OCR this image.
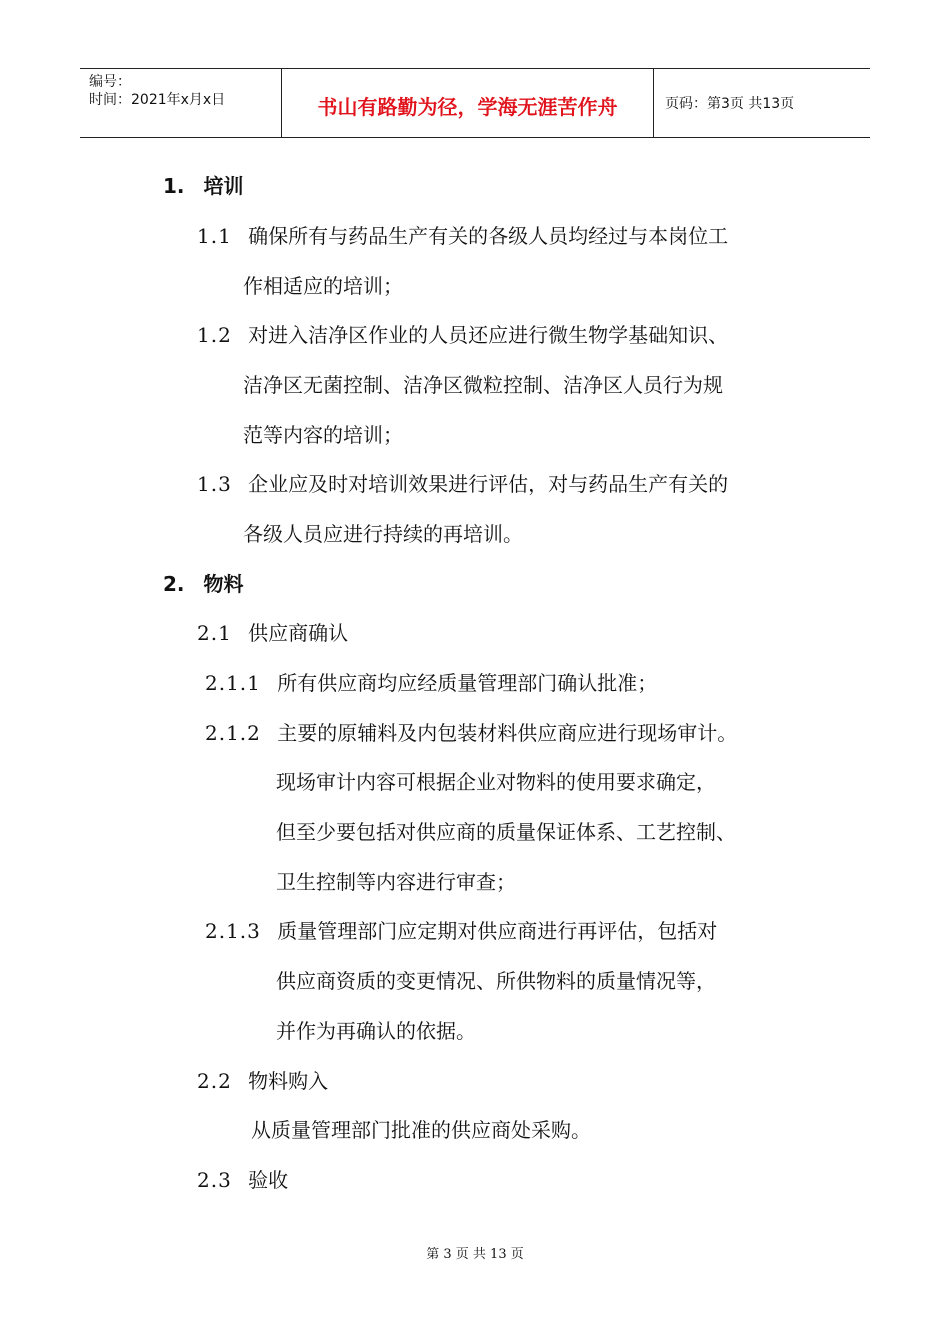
编号：
时间：2021年x月x日	书山有路勤为径，学海无涯苦作舟	页码：第3页 共13页
1. 培训
1.1 确保所有与药品生产有关的各级人员均经过与本岗位工
作相适应的培训；
1.2 对进入洁净区作业的人员还应进行微生物学基础知识、
洁净区无菌控制、洁净区微粒控制、洁净区人员行为规
范等内容的培训；
1.3 企业应及时对培训效果进行评估，对与药品生产有关的
各级人员应进行持续的再培训。
2. 物料
2.1 供应商确认
2.1.1 所有供应商均应经质量管理部门确认批准；
2.1.2 主要的原辅料及内包装材料供应商应进行现场审计。
现场审计内容可根据企业对物料的使用要求确定，
但至少要包括对供应商的质量保证体系、工艺控制、
卫生控制等内容进行审查；
2.1.3 质量管理部门应定期对供应商进行再评估，包括对
供应商资质的变更情况、所供物料的质量情况等，
并作为再确认的依据。
2.2 物料购入
从质量管理部门批准的供应商处采购。
2.3 验收
第 3 页 共 13 页
